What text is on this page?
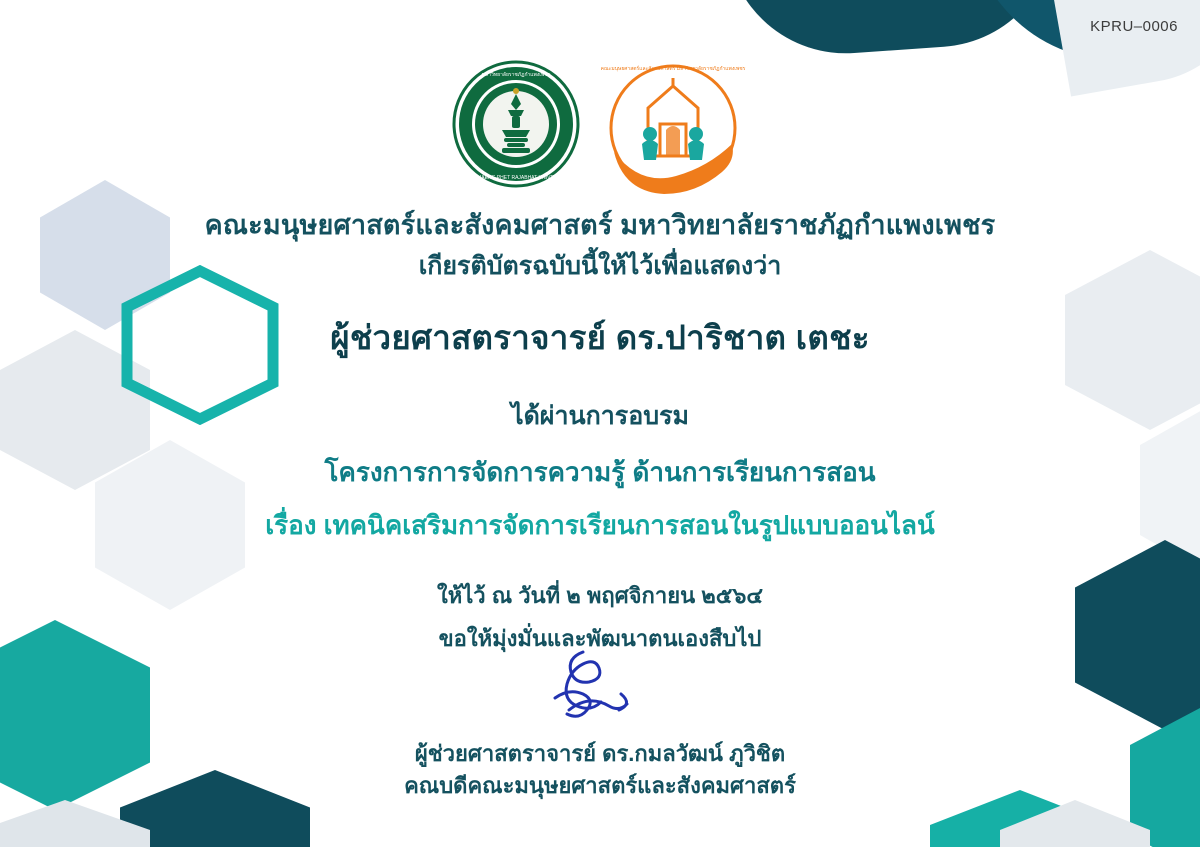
KPRU–0006
มหาวิทยาลัยราชภัฏกำแพงเพชร
KAMPHAENG PHET RAJABHAT UNIVERSITY
คณะมนุษยศาสตร์และสังคมศาสตร์ มหาวิทยาลัยราชภัฏกำแพงเพชร
คณะมนุษยศาสตร์และสังคมศาสตร์ มหาวิทยาลัยราชภัฏกำแพงเพชร
เกียรติบัตรฉบับนี้ให้ไว้เพื่อแสดงว่า
ผู้ช่วยศาสตราจารย์ ดร.ปาริชาต เตชะ
ได้ผ่านการอบรม
โครงการการจัดการความรู้ ด้านการเรียนการสอน
เรื่อง เทคนิคเสริมการจัดการเรียนการสอนในรูปแบบออนไลน์
ให้ไว้ ณ วันที่ ๒ พฤศจิกายน ๒๕๖๔
ขอให้มุ่งมั่นและพัฒนาตนเองสืบไป
ผู้ช่วยศาสตราจารย์ ดร.กมลวัฒน์ ภูวิชิต
คณบดีคณะมนุษยศาสตร์และสังคมศาสตร์
